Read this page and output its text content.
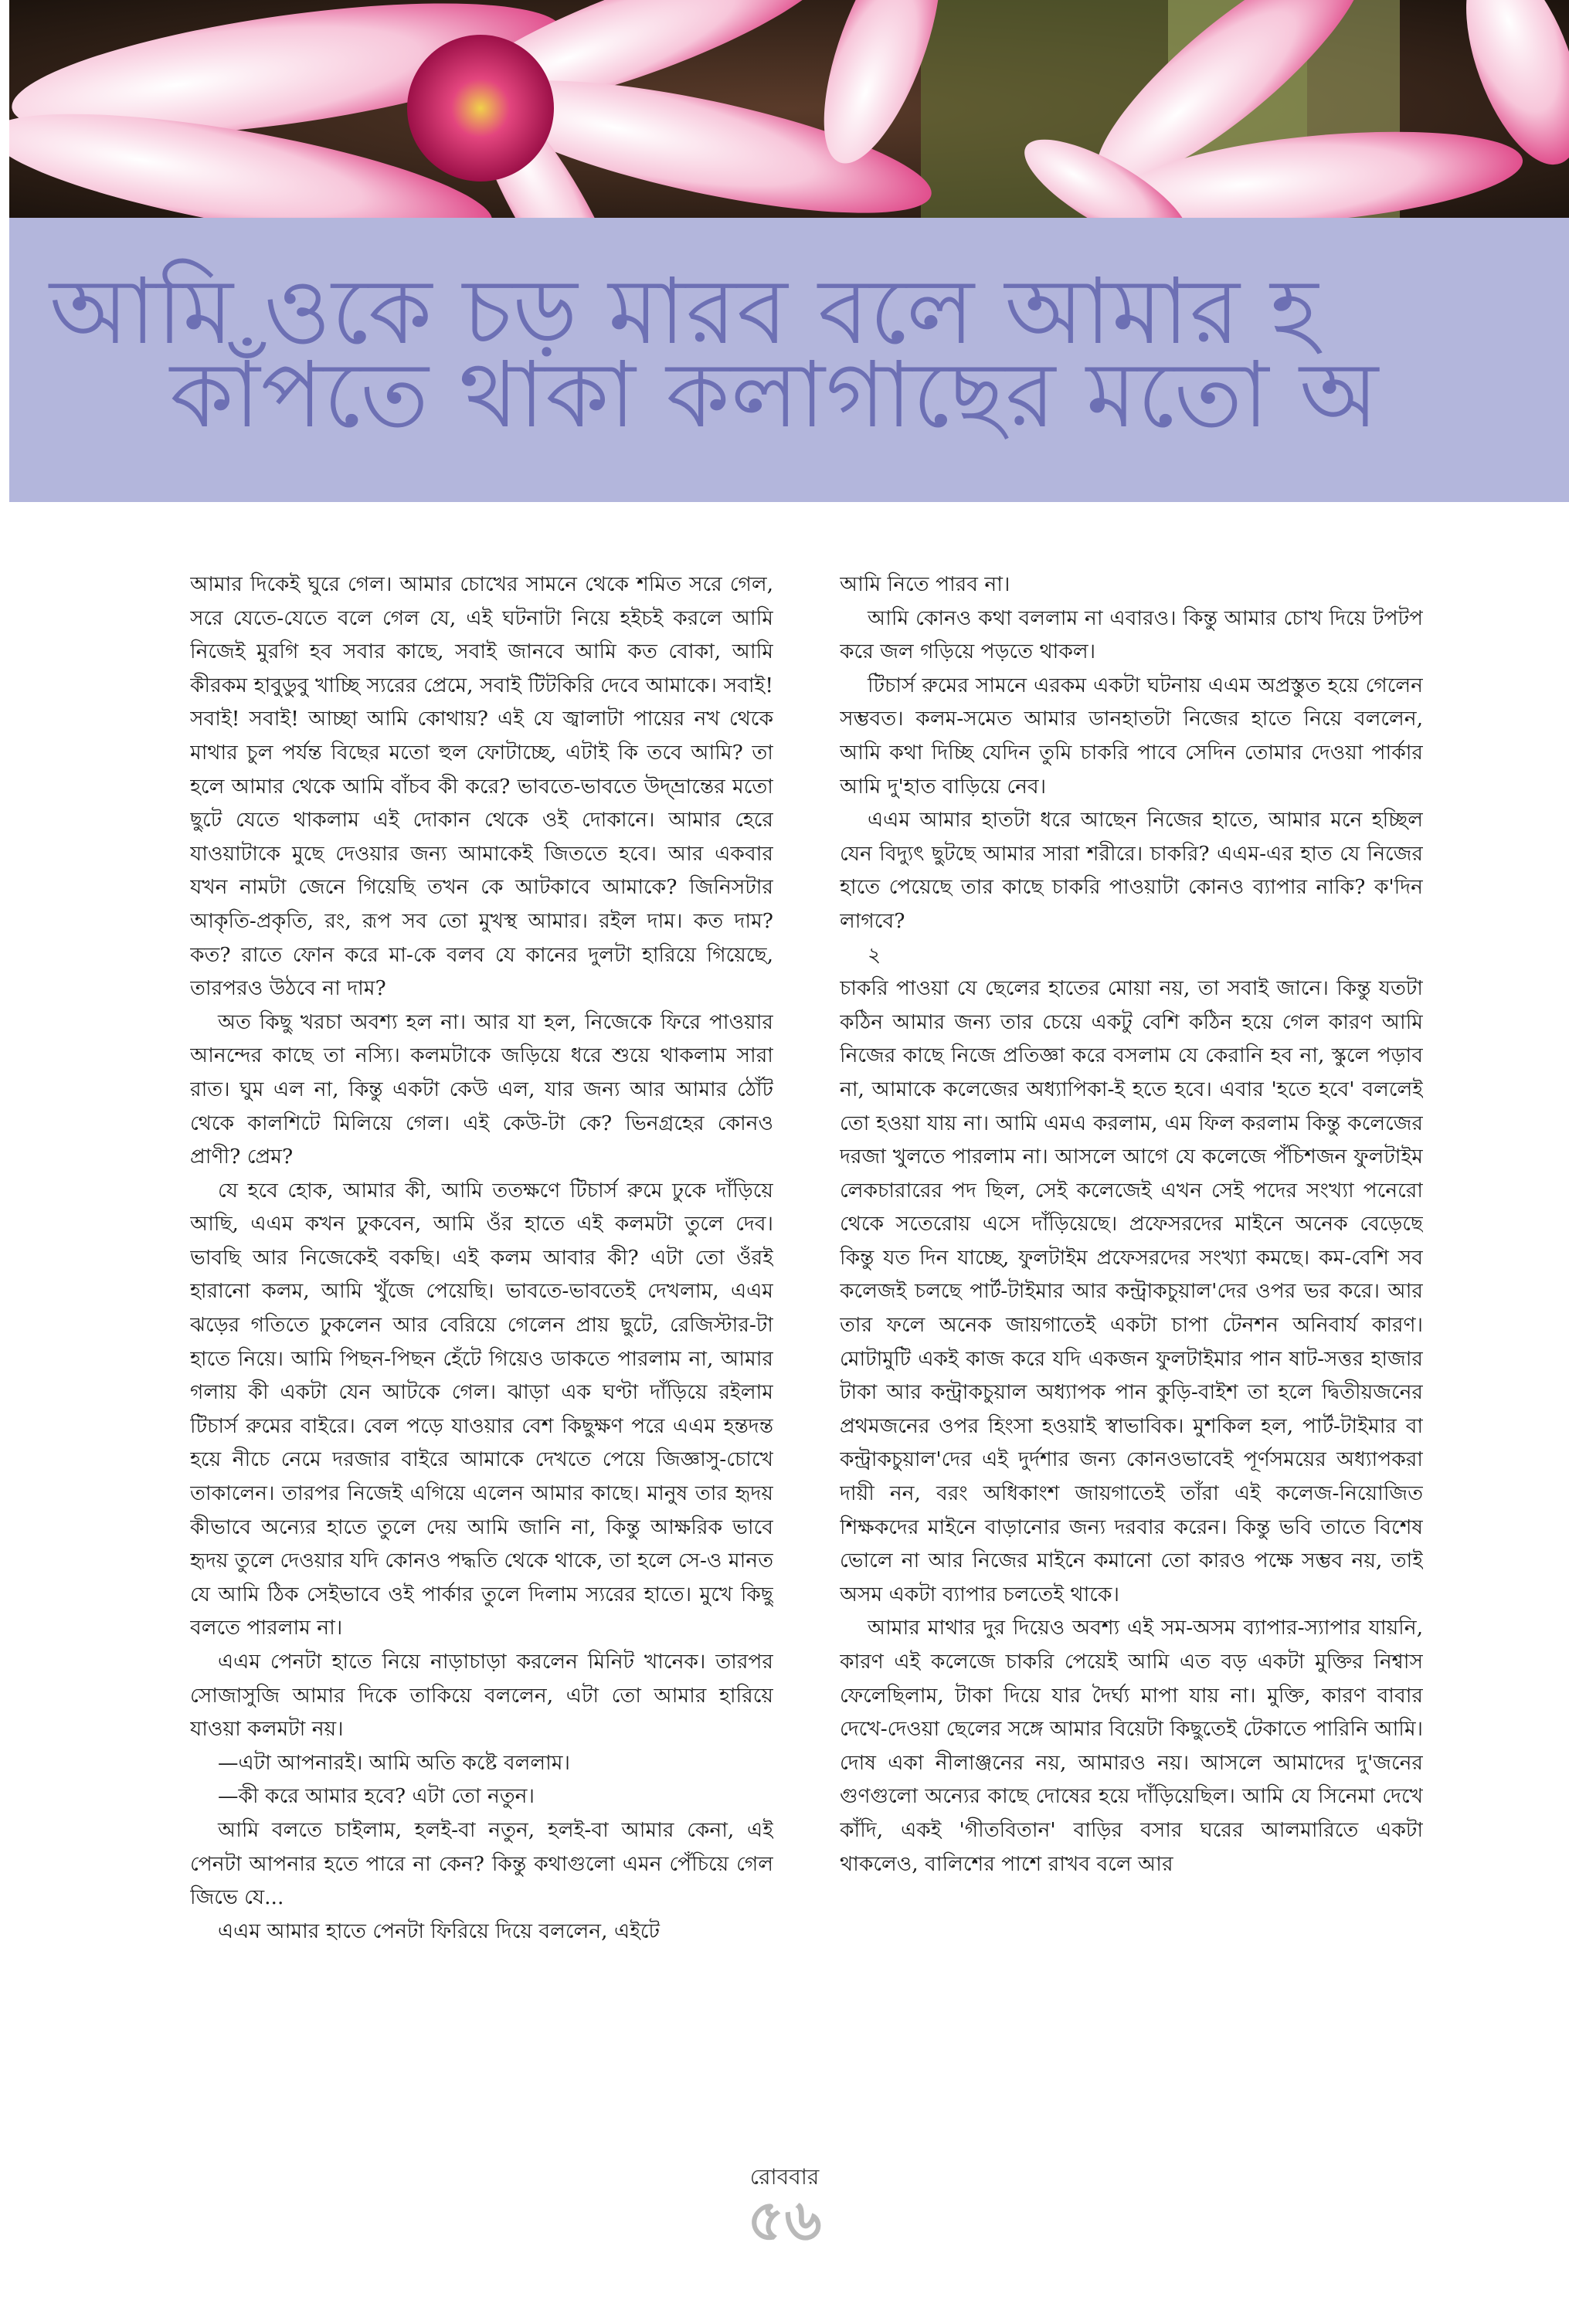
আমি ওকে চড় মারব বলে আমার হ
কাঁপতে থাকা কলাগাছের মতো ‌অ

আমার দিকেই ঘুরে গেল। আমার চোখের সামনে থেকে শমিত সরে গেল, সরে যেতে-যেতে বলে গেল যে, এই ঘটনাটা নিয়ে হইচই করলে আমি নিজেই মুরগি হব সবার কাছে, সবাই জানবে আমি কত বোকা, আমি কীরকম হাবুডুবু খাচ্ছি স্যরের প্রেমে, সবাই টিটকিরি দেবে আমাকে। সবাই! সবাই! সবাই! আচ্ছা আমি কোথায়? এই যে জ্বালাটা পায়ের নখ থেকে মাথার চুল পর্যন্ত বিছের মতো হুল ফোটাচ্ছে, এটাই কি তবে আমি? তা হলে আমার থেকে আমি বাঁচব কী করে? ভাবতে-ভাবতে উদ্‌ভ্রান্তের মতো ছুটে যেতে থাকলাম এই দোকান থেকে ওই দোকানে। আমার হেরে যাওয়াটাকে মুছে দেওয়ার জন্য আমাকেই জিততে হবে। আর একবার যখন নামটা জেনে গিয়েছি তখন কে আটকাবে আমাকে? জিনিসটার আকৃতি-প্রকৃতি, রং, রূপ সব তো মুখস্থ আমার। রইল দাম। কত দাম? কত? রাতে ফোন করে মা-কে বলব যে কানের দুলটা হারিয়ে গিয়েছে, তারপরও উঠবে না দাম?

অত কিছু খরচা অবশ্য হল না। আর যা হল, নিজেকে ফিরে পাওয়ার আনন্দের কাছে তা নস্যি। কলমটাকে জড়িয়ে ধরে শুয়ে থাকলাম সারা রাত। ঘুম এল না, কিন্তু একটা কেউ এল, যার জন্য আর আমার ঠোঁট থেকে কালশিটে মিলিয়ে গেল। এই কেউ-টা কে? ভিনগ্রহের কোনও প্রাণী? প্রেম?

যে হবে হোক, আমার কী, আমি ততক্ষণে টিচার্স রুমে ঢুকে দাঁড়িয়ে আছি, এএম কখন ঢুকবেন, আমি ওঁর হাতে এই কলমটা তুলে দেব। ভাবছি আর নিজেকেই বকছি। এই কলম আবার কী? এটা তো ওঁরই হারানো কলম, আমি খুঁজে পেয়েছি। ভাবতে-ভাবতেই দেখলাম, এএম ঝড়ের গতিতে ঢুকলেন আর বেরিয়ে গেলেন প্রায় ছুটে, রেজিস্টার-টা হাতে নিয়ে। আমি পিছন-পিছন হেঁটে গিয়েও ডাকতে পারলাম না, আমার গলায় কী একটা যেন আটকে গেল। ঝাড়া এক ঘণ্টা দাঁড়িয়ে রইলাম টিচার্স রুমের বাইরে। বেল পড়ে যাওয়ার বেশ কিছুক্ষণ পরে এএম হন্তদন্ত হয়ে নীচে নেমে দরজার বাইরে আমাকে দেখতে পেয়ে জিজ্ঞাসু-চোখে তাকালেন। তারপর নিজেই এগিয়ে এলেন আমার কাছে। মানুষ তার হৃদয় কীভাবে অন্যের হাতে তুলে দেয় আমি জানি না, কিন্তু আক্ষরিক ভাবে হৃদয় তুলে দেওয়ার যদি কোনও পদ্ধতি থেকে থাকে, তা হলে সে-ও মানত যে আমি ঠিক সেইভাবে ওই পার্কার তুলে দিলাম স্যরের হাতে। মুখে কিছু বলতে পারলাম না।

এএম পেনটা হাতে নিয়ে নাড়াচাড়া করলেন মিনিট খানেক। তারপর সোজাসুজি আমার দিকে তাকিয়ে বললেন, এটা তো আমার হারিয়ে যাওয়া কলমটা নয়।

—এটা আপনারই। আমি অতি কষ্টে বললাম।

—কী করে আমার হবে? এটা তো নতুন।

আমি বলতে চাইলাম, হলই-বা নতুন, হলই-বা আমার কেনা, এই পেনটা আপনার হতে পারে না কেন? কিন্তু কথাগুলো এমন পেঁচিয়ে গেল জিভে যে...

এএম আমার হাতে পেনটা ফিরিয়ে দিয়ে বললেন, এইটে

আমি নিতে পারব না।

আমি কোনও কথা বললাম না এবারও। কিন্তু আমার চোখ দিয়ে টপটপ করে জল গড়িয়ে পড়তে থাকল।

টিচার্স রুমের সামনে এরকম একটা ঘটনায় এএম অপ্রস্তুত হয়ে গেলেন সম্ভবত। কলম-সমেত আমার ডানহাতটা নিজের হাতে নিয়ে বললেন, আমি কথা দিচ্ছি যেদিন তুমি চাকরি পাবে সেদিন তোমার দেওয়া পার্কার আমি দু'হাত বাড়িয়ে নেব।

এএম আমার হাতটা ধরে আছেন নিজের হাতে, আমার মনে হচ্ছিল যেন বিদ্যুৎ ছুটছে আমার সারা শরীরে। চাকরি? এএম-এর হাত যে নিজের হাতে পেয়েছে তার কাছে চাকরি পাওয়াটা কোনও ব্যাপার নাকি? ক'দিন লাগবে?

২

চাকরি পাওয়া যে ছেলের হাতের মোয়া নয়, তা সবাই জানে। কিন্তু যতটা কঠিন আমার জন্য তার চেয়ে একটু বেশি কঠিন হয়ে গেল কারণ আমি নিজের কাছে নিজে প্রতিজ্ঞা করে বসলাম যে কেরানি হব না, স্কুলে পড়াব না, আমাকে কলেজের অধ্যাপিকা-ই হতে হবে। এবার 'হতে হবে' বললেই তো হওয়া যায় না। আমি এমএ করলাম, এম ফিল করলাম কিন্তু কলেজের দরজা খুলতে পারলাম না। আসলে আগে যে কলেজে পঁচিশজন ফুলটাইম লেকচারারের পদ ছিল, সেই কলেজেই এখন সেই পদের সংখ্যা পনেরো থেকে সতেরোয় এসে দাঁড়িয়েছে। প্রফেসরদের মাইনে অনেক বেড়েছে কিন্তু যত দিন যাচ্ছে, ফুলটাইম প্রফেসরদের সংখ্যা কমছে। কম-বেশি সব কলেজই চলছে পার্ট-টাইমার আর কন্ট্রাকচুয়াল'দের ওপর ভর করে। আর তার ফলে অনেক জায়গাতেই একটা চাপা টেনশন অনিবার্য কারণ। মোটামুটি একই কাজ করে যদি একজন ফুলটাইমার পান ষাট-সত্তর হাজার টাকা আর কন্ট্রাকচুয়াল অধ্যাপক পান কুড়ি-বাইশ তা হলে দ্বিতীয়জনের প্রথমজনের ওপর হিংসা হওয়াই স্বাভাবিক। মুশকিল হল, পার্ট-টাইমার বা কন্ট্রাকচুয়াল'দের এই দুর্দশার জন্য কোনওভাবেই পূর্ণসময়ের অধ্যাপকরা দায়ী নন, বরং অধিকাংশ জায়গাতেই তাঁরা এই কলেজ-নিয়োজিত শিক্ষকদের মাইনে বাড়ানোর জন্য দরবার করেন। কিন্তু ভবি তাতে বিশেষ ভোলে না আর নিজের মাইনে কমানো তো কারও পক্ষে সম্ভব নয়, তাই অসম একটা ব্যাপার চলতেই থাকে।

আমার মাথার দুর দিয়েও অবশ্য এই সম-অসম ব্যাপার-স্যাপার যায়নি, কারণ এই কলেজে চাকরি পেয়েই আমি এত বড় একটা মুক্তির নিশ্বাস ফেলেছিলাম, টাকা দিয়ে যার দৈর্ঘ্য মাপা যায় না। মুক্তি, কারণ বাবার দেখে-দেওয়া ছেলের সঙ্গে আমার বিয়েটা কিছুতেই টেকাতে পারিনি আমি। দোষ একা নীলাঞ্জনের নয়, আমারও নয়। আসলে আমাদের দু'জনের গুণগুলো অন্যের কাছে দোষের হয়ে দাঁড়িয়েছিল। আমি যে সিনেমা দেখে কাঁদি, একই 'গীতবিতান' বাড়ির বসার ঘরের আলমারিতে একটা থাকলেও, বালিশের পাশে রাখব বলে আর

রোববার
৫৬
